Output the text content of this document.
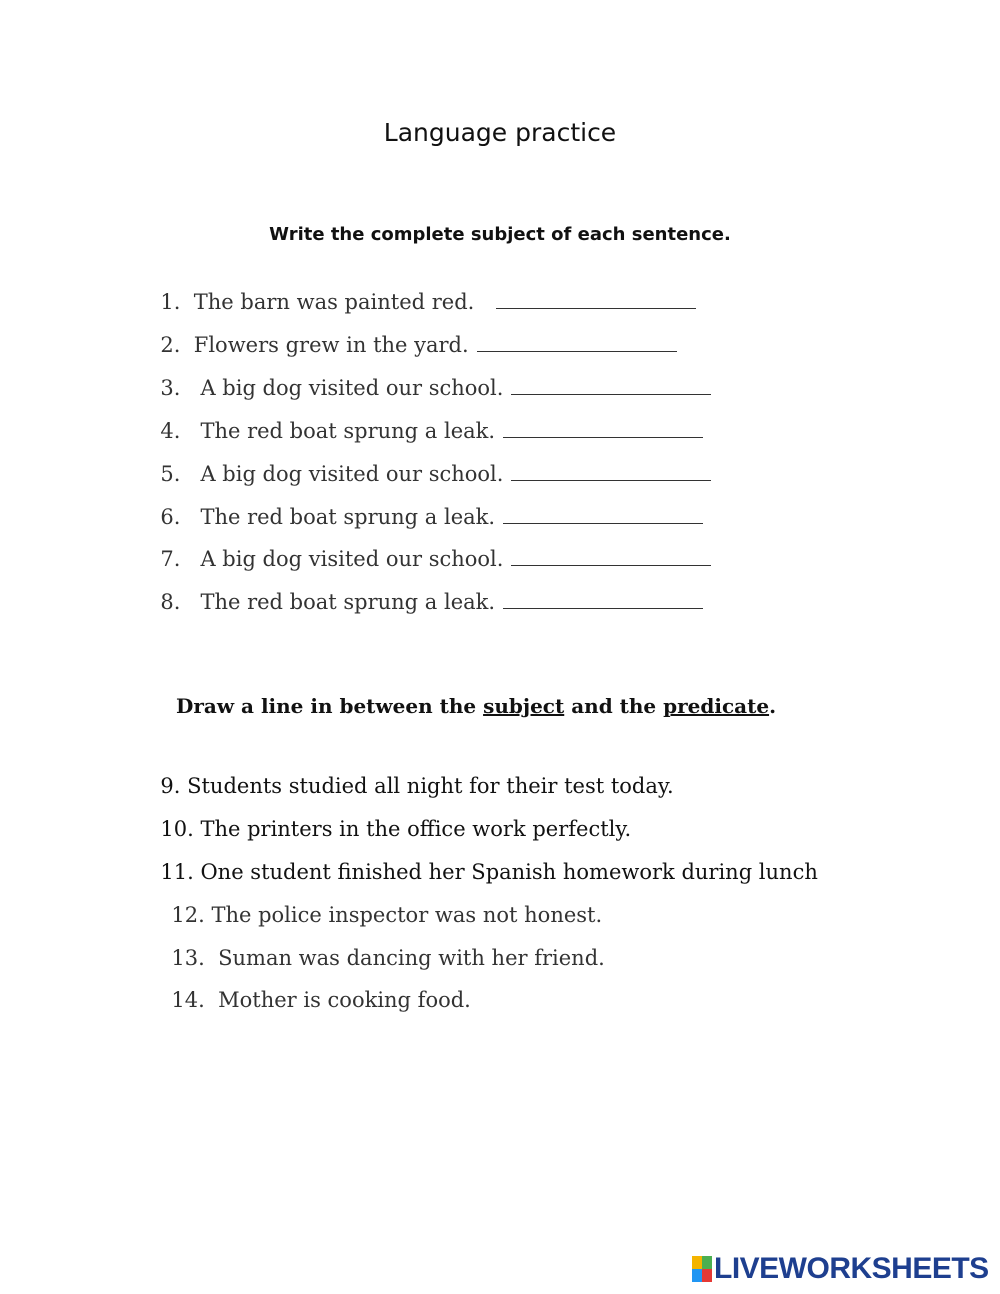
Language practice
Write the complete subject of each sentence.

1. The barn was painted red.

2. Flowers grew in the yard.

3. A big dog visited our school.

4. The red boat sprung a leak.

5. A big dog visited our school.

6. The red boat sprung a leak.

7. A big dog visited our school.

8. The red boat sprung a leak.

Draw a line in between the subject and the predicate.

9. Students studied all night for their test today.

10. The printers in the office work perfectly.

11. One student finished her Spanish homework during lunch

12. The police inspector was not honest.

13. Suman was dancing with her friend.

14. Mother is cooking food.

LIVEWORKSHEETS
